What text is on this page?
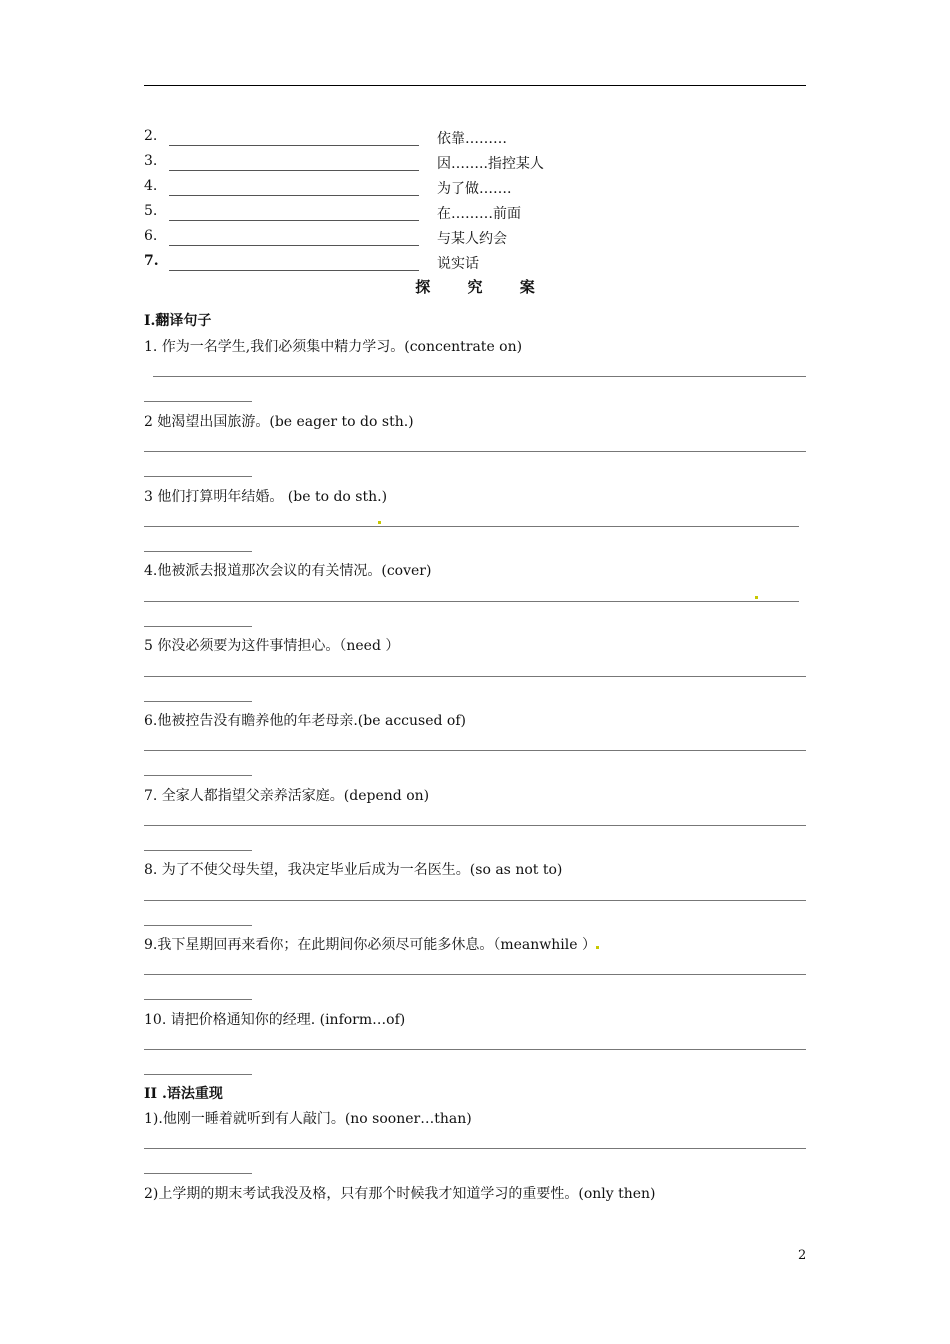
2.	依靠………
3.	因……..指控某人
4.	为了做…….
5.	在………前面
6.	与某人约会
7.	说实话
探 究 案
I.翻译句子
1. 作为一名学生,我们必须集中精力学习。(concentrate on)
2 她渴望出国旅游。(be eager to do sth.)
3 他们打算明年结婚。 (be to do sth.)
4.他被派去报道那次会议的有关情况。(cover)
5 你没必须要为这件事情担心。（need ）
6.他被控告没有瞻养他的年老母亲.(be accused of)
7. 全家人都指望父亲养活家庭。(depend on)
8. 为了不使父母失望，我决定毕业后成为一名医生。(so as not to)
9.我下星期回再来看你；在此期间你必须尽可能多休息。（meanwhile ）
10. 请把价格通知你的经理. (inform…of)
II .语法重现
1).他刚一睡着就听到有人敲门。(no sooner…than)
2)上学期的期末考试我没及格，只有那个时候我才知道学习的重要性。(only then)
2
